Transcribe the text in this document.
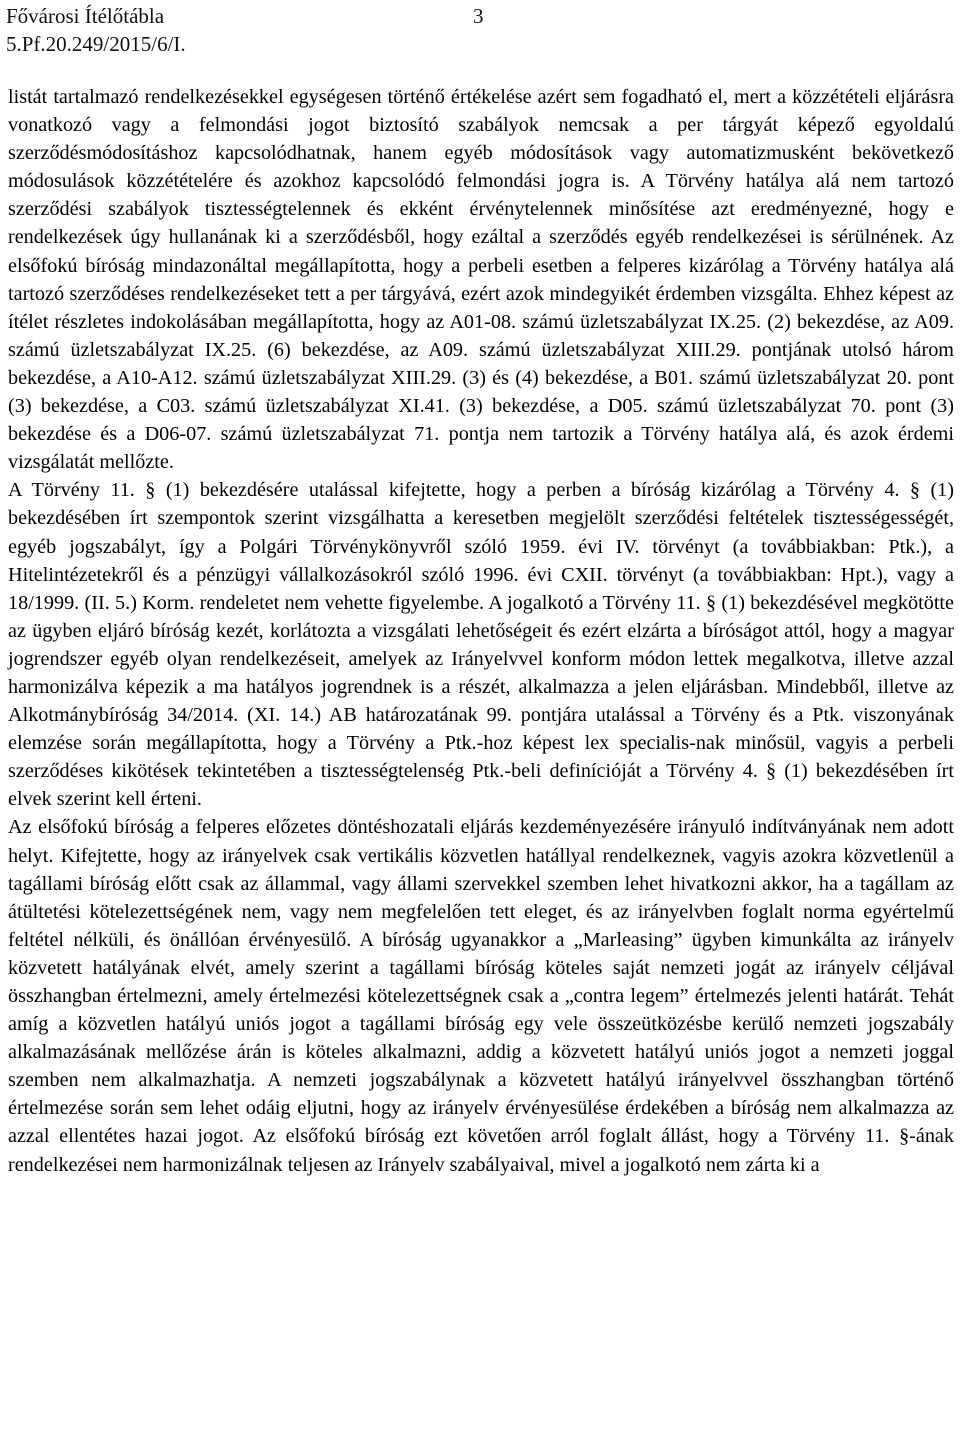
Fővárosi Ítélőtábla	3
5.Pf.20.249/2015/6/I.

listát tartalmazó rendelkezésekkel egységesen történő értékelése azért sem fogadható el, mert a közzétételi eljárásra vonatkozó vagy a felmondási jogot biztosító szabályok nemcsak a per tárgyát képező egyoldalú szerződésmódosításhoz kapcsolódhatnak, hanem egyéb módosítások vagy automatizmusként bekövetkező módosulások közzétételére és azokhoz kapcsolódó felmondási jogra is. A Törvény hatálya alá nem tartozó szerződési szabályok tisztességtelennek és ekként érvénytelennek minősítése azt eredményezné, hogy e rendelkezések úgy hullanának ki a szerződésből, hogy ezáltal a szerződés egyéb rendelkezései is sérülnének. Az elsőfokú bíróság mindazonáltal megállapította, hogy a perbeli esetben a felperes kizárólag a Törvény hatálya alá tartozó szerződéses rendelkezéseket tett a per tárgyává, ezért azok mindegyikét érdemben vizsgálta. Ehhez képest az ítélet részletes indokolásában megállapította, hogy az A01-08. számú üzletszabályzat IX.25. (2) bekezdése, az A09. számú üzletszabályzat IX.25. (6) bekezdése, az A09. számú üzletszabályzat XIII.29. pontjának utolsó három bekezdése, a A10-A12. számú üzletszabályzat XIII.29. (3) és (4) bekezdése, a B01. számú üzletszabályzat 20. pont (3) bekezdése, a C03. számú üzletszabályzat XI.41. (3) bekezdése, a D05. számú üzletszabályzat 70. pont (3) bekezdése és a D06-07. számú üzletszabályzat 71. pontja nem tartozik a Törvény hatálya alá, és azok érdemi vizsgálatát mellőzte.

A Törvény 11. § (1) bekezdésére utalással kifejtette, hogy a perben a bíróság kizárólag a Törvény 4. § (1) bekezdésében írt szempontok szerint vizsgálhatta a keresetben megjelölt szerződési feltételek tisztességességét, egyéb jogszabályt, így a Polgári Törvénykönyvről szóló 1959. évi IV. törvényt (a továbbiakban: Ptk.), a Hitelintézetekről és a pénzügyi vállalkozásokról szóló 1996. évi CXII. törvényt (a továbbiakban: Hpt.), vagy a 18/1999. (II. 5.) Korm. rendeletet nem vehette figyelembe. A jogalkotó a Törvény 11. § (1) bekezdésével megkötötte az ügyben eljáró bíróság kezét, korlátozta a vizsgálati lehetőségeit és ezért elzárta a bíróságot attól, hogy a magyar jogrendszer egyéb olyan rendelkezéseit, amelyek az Irányelvvel konform módon lettek megalkotva, illetve azzal harmonizálva képezik a ma hatályos jogrendnek is a részét, alkalmazza a jelen eljárásban. Mindebből, illetve az Alkotmánybíróság 34/2014. (XI. 14.) AB határozatának 99. pontjára utalással a Törvény és a Ptk. viszonyának elemzése során megállapította, hogy a Törvény a Ptk.-hoz képest lex specialis-nak minősül, vagyis a perbeli szerződéses kikötések tekintetében a tisztességtelenség Ptk.-beli definícióját a Törvény 4. § (1) bekezdésében írt elvek szerint kell érteni.

Az elsőfokú bíróság a felperes előzetes döntéshozatali eljárás kezdeményezésére irányuló indítványának nem adott helyt. Kifejtette, hogy az irányelvek csak vertikális közvetlen hatállyal rendelkeznek, vagyis azokra közvetlenül a tagállami bíróság előtt csak az állammal, vagy állami szervekkel szemben lehet hivatkozni akkor, ha a tagállam az átültetési kötelezettségének nem, vagy nem megfelelően tett eleget, és az irányelvben foglalt norma egyértelmű feltétel nélküli, és önállóan érvényesülő. A bíróság ugyanakkor a „Marleasing” ügyben kimunkálta az irányelv közvetett hatályának elvét, amely szerint a tagállami bíróság köteles saját nemzeti jogát az irányelv céljával összhangban értelmezni, amely értelmezési kötelezettségnek csak a „contra legem” értelmezés jelenti határát. Tehát amíg a közvetlen hatályú uniós jogot a tagállami bíróság egy vele összeütközésbe kerülő nemzeti jogszabály alkalmazásának mellőzése árán is köteles alkalmazni, addig a közvetett hatályú uniós jogot a nemzeti joggal szemben nem alkalmazhatja. A nemzeti jogszabálynak a közvetett hatályú irányelvvel összhangban történő értelmezése során sem lehet odáig eljutni, hogy az irányelv érvényesülése érdekében a bíróság nem alkalmazza az azzal ellentétes hazai jogot. Az elsőfokú bíróság ezt követően arról foglalt állást, hogy a Törvény 11. §-ának rendelkezései nem harmonizálnak teljesen az Irányelv szabályaival, mivel a jogalkotó nem zárta ki a
